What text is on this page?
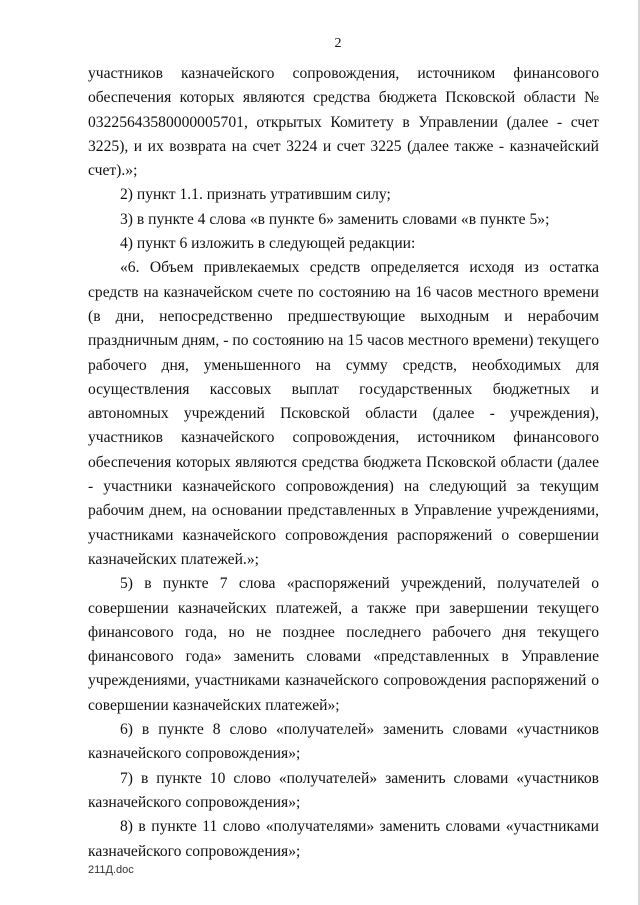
2

участников казначейского сопровождения, источником финансового обеспечения которых являются средства бюджета Псковской области № 03225643580000005701, открытых Комитету в Управлении (далее - счет 3225), и их возврата на счет 3224 и счет 3225 (далее также - казначейский счет).»;

2) пункт 1.1. признать утратившим силу;

3) в пункте 4 слова «в пункте 6» заменить словами «в пункте 5»;

4) пункт 6 изложить в следующей редакции:

«6. Объем привлекаемых средств определяется исходя из остатка средств на казначейском счете по состоянию на 16 часов местного времени (в дни, непосредственно предшествующие выходным и нерабочим праздничным дням, - по состоянию на 15 часов местного времени) текущего рабочего дня, уменьшенного на сумму средств, необходимых для осуществления кассовых выплат государственных бюджетных и автономных учреждений Псковской области (далее - учреждения), участников казначейского сопровождения, источником финансового обеспечения которых являются средства бюджета Псковской области (далее - участники казначейского сопровождения) на следующий за текущим рабочим днем, на основании представленных в Управление учреждениями, участниками казначейского сопровождения распоряжений о совершении казначейских платежей.»;

5) в пункте 7 слова «распоряжений учреждений, получателей о совершении казначейских платежей, а также при завершении текущего финансового года, но не позднее последнего рабочего дня текущего финансового года» заменить словами «представленных в Управление учреждениями, участниками казначейского сопровождения распоряжений о совершении казначейских платежей»;

6) в пункте 8 слово «получателей» заменить словами «участников казначейского сопровождения»;

7) в пункте 10 слово «получателей» заменить словами «участников казначейского сопровождения»;

8) в пункте 11 слово «получателями» заменить словами «участниками казначейского сопровождения»;

211Д.doc
